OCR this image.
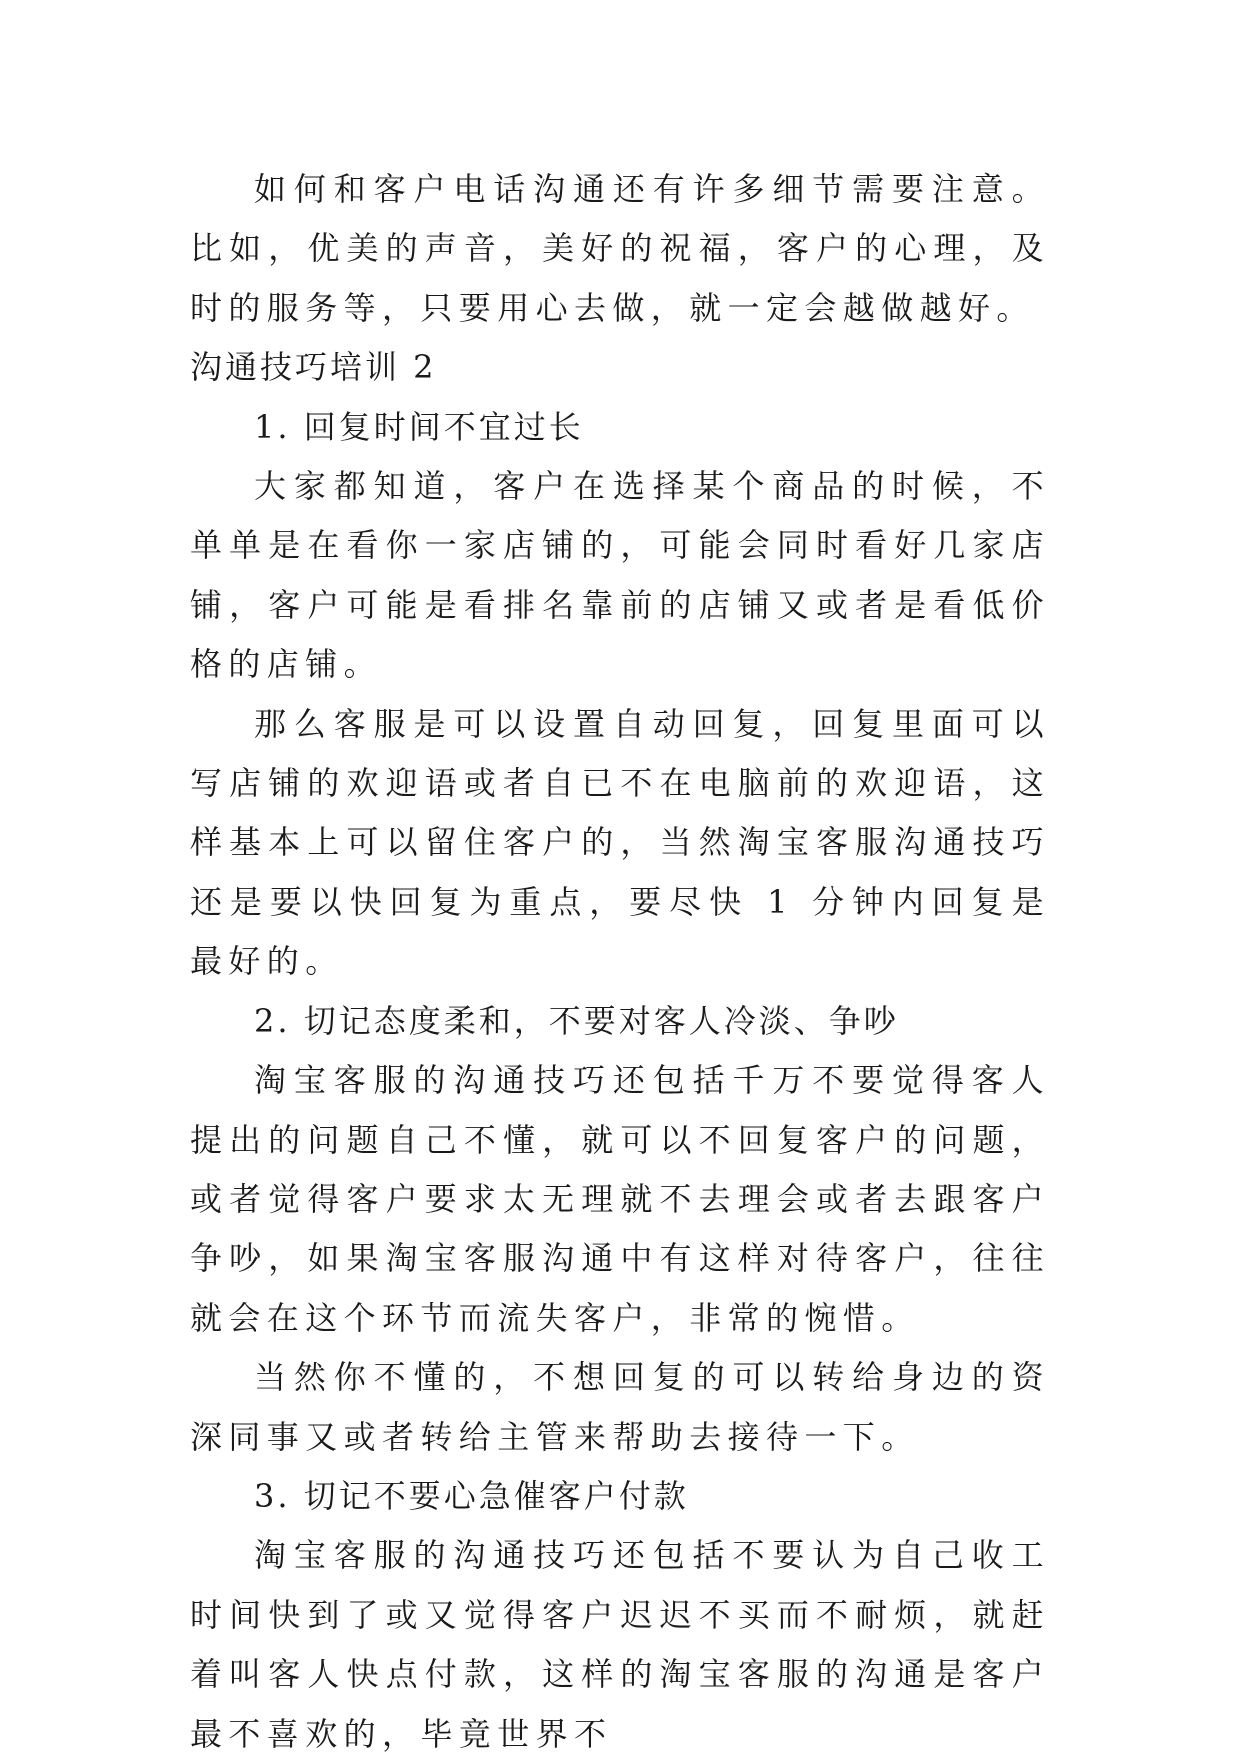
如何和客户电话沟通还有许多细节需要注意。比如，优美的声音，美好的祝福，客户的心理，及时的服务等，只要用心去做，就一定会越做越好。

沟通技巧培训 2

1. 回复时间不宜过长

大家都知道，客户在选择某个商品的时候，不单单是在看你一家店铺的，可能会同时看好几家店铺，客户可能是看排名靠前的店铺又或者是看低价格的店铺。

那么客服是可以设置自动回复，回复里面可以写店铺的欢迎语或者自已不在电脑前的欢迎语，这样基本上可以留住客户的，当然淘宝客服沟通技巧还是要以快回复为重点，要尽快 1 分钟内回复是最好的。

2. 切记态度柔和，不要对客人冷淡、争吵

淘宝客服的沟通技巧还包括千万不要觉得客人提出的问题自己不懂，就可以不回复客户的问题，或者觉得客户要求太无理就不去理会或者去跟客户争吵，如果淘宝客服沟通中有这样对待客户，往往就会在这个环节而流失客户，非常的惋惜。

当然你不懂的，不想回复的可以转给身边的资深同事又或者转给主管来帮助去接待一下。

3. 切记不要心急催客户付款

淘宝客服的沟通技巧还包括不要认为自己收工时间快到了或又觉得客户迟迟不买而不耐烦，就赶着叫客人快点付款，这样的淘宝客服的沟通是客户最不喜欢的，毕竟世界不
